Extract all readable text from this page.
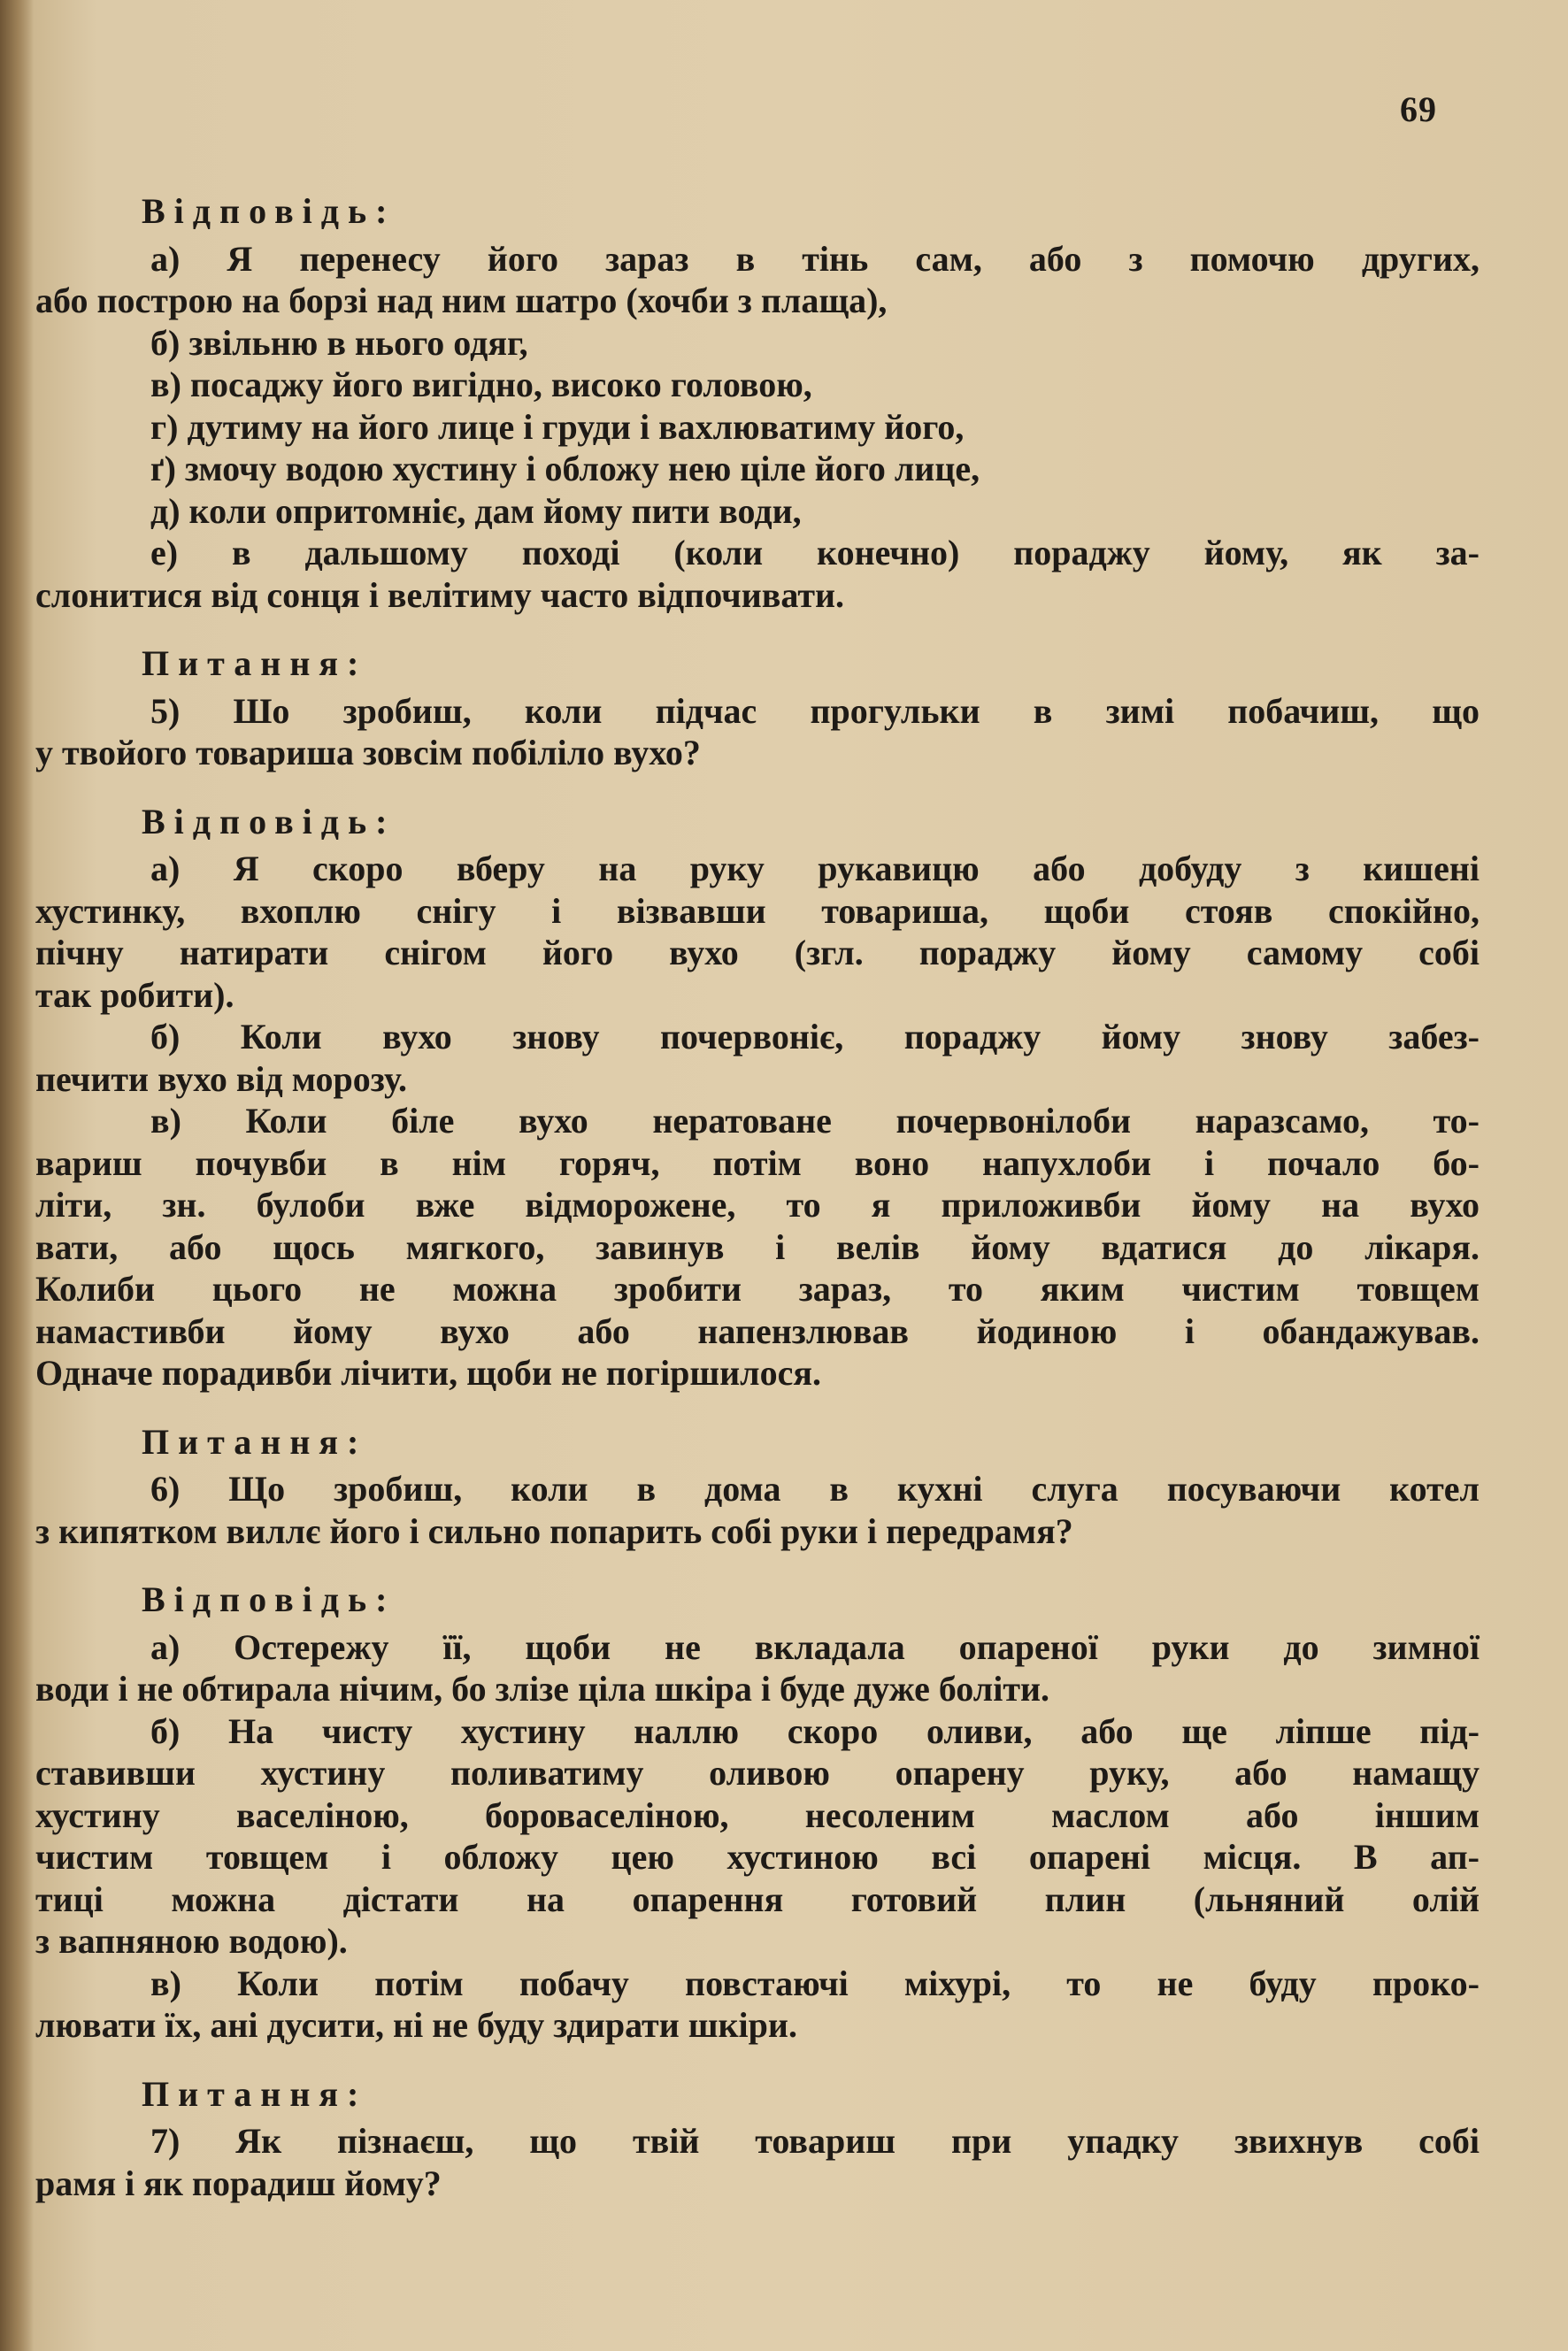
69
Відповідь:
а) Я перенесу його зараз в тінь сам, або з помочю других,
або построю на борзі над ним шатро (хочби з плаща),
б) звільню в нього одяг,
в) посаджу його вигідно, високо головою,
г) дутиму на його лице і груди і вахлюватиму його,
ґ) змочу водою хустину і обложу нею ціле його лице,
д) коли опритомніє, дам йому пити води,
е) в дальшому поході (коли конечно) пораджу йому, як за-
слонитися від сонця і велітиму часто відпочивати.
Питання:
5) Шо зробиш, коли підчас прогульки в зимі побачиш, що
у твойого товариша зовсім побіліло вухо?
Відповідь:
а) Я скоро вберу на руку рукавицю або добуду з кишені
хустинку, вхоплю снігу і візвавши товариша, щоби стояв спокійно,
пічну натирати снігом його вухо (згл. пораджу йому самому собі
так робити).
б) Коли вухо знову почервоніє, пораджу йому знову забез-
печити вухо від морозу.
в) Коли біле вухо нератоване почервонілоби наразсамо, то-
вариш почувби в нім горяч, потім воно напухлоби і почало бо-
літи, зн. булоби вже відморожене, то я приложивби йому на вухо
вати, або щось мягкого, завинув і велів йому вдатися до лікаря.
Колиби цього не можна зробити зараз, то яким чистим товщем
намастивби йому вухо або напензлював йодиною і обандажував.
Одначе порадивби лічити, щоби не погіршилося.
Питання:
6) Що зробиш, коли в дома в кухні слуга посуваючи котел
з кипятком виллє його і сильно попарить собі руки і передрамя?
Відповідь:
а) Остережу її, щоби не вкладала опареної руки до зимної
води і не обтирала нічим, бо злізе ціла шкіра і буде дуже боліти.
б) На чисту хустину наллю скоро оливи, або ще ліпше під-
ставивши хустину поливатиму оливою опарену руку, або намащу
хустину васеліною, бороваселіною, несоленим маслом або іншим
чистим товщем і обложу цею хустиною всі опарені місця. В ап-
тиці можна дістати на опарення готовий плин (льняний олій
з вапняною водою).
в) Коли потім побачу повстаючі міхурі, то не буду проко-
лювати їх, ані дусити, ні не буду здирати шкіри.
Питання:
7) Як пізнаєш, що твій товариш при упадку звихнув собі
рамя і як порадиш йому?
